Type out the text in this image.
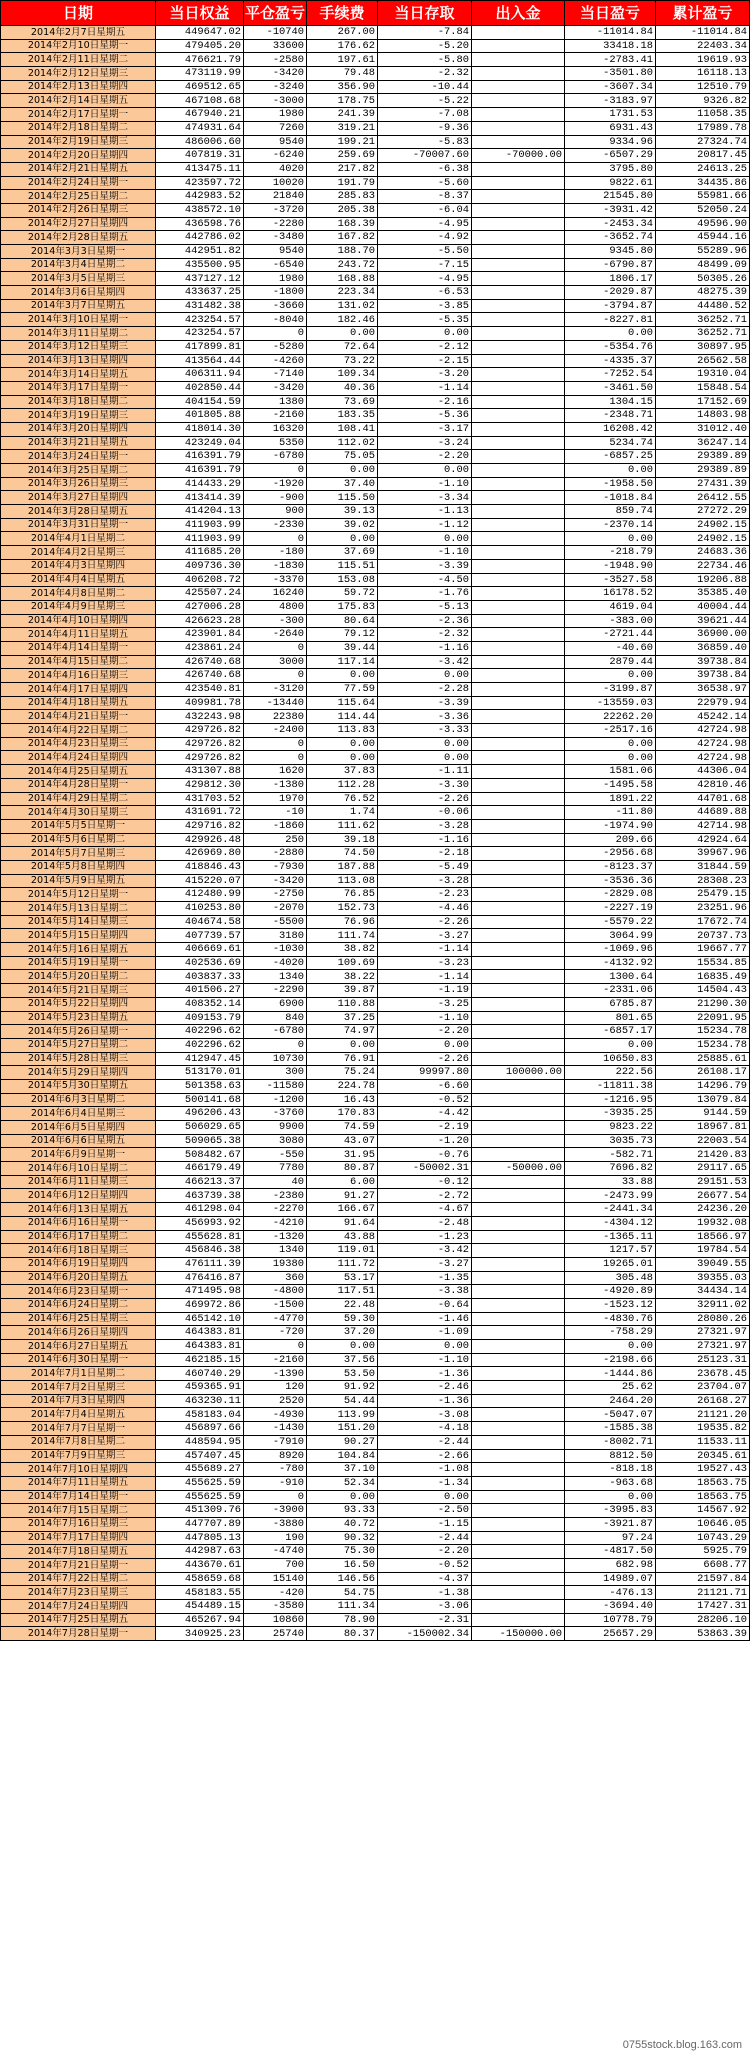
日期	当日权益	平仓盈亏	手续费	当日存取	出入金	当日盈亏	累计盈亏
2014年2月7日星期五	449647.02	-10740	267.00	-7.84		-11014.84	-11014.84
2014年2月10日星期一	479405.20	33600	176.62	-5.20		33418.18	22403.34
2014年2月11日星期二	476621.79	-2580	197.61	-5.80		-2783.41	19619.93
2014年2月12日星期三	473119.99	-3420	79.48	-2.32		-3501.80	16118.13
2014年2月13日星期四	469512.65	-3240	356.90	-10.44		-3607.34	12510.79
2014年2月14日星期五	467108.68	-3000	178.75	-5.22		-3183.97	9326.82
2014年2月17日星期一	467940.21	1980	241.39	-7.08		1731.53	11058.35
2014年2月18日星期二	474931.64	7260	319.21	-9.36		6931.43	17989.78
2014年2月19日星期三	486006.60	9540	199.21	-5.83		9334.96	27324.74
2014年2月20日星期四	407819.31	-6240	259.69	-70007.60	-70000.00	-6507.29	20817.45
2014年2月21日星期五	413475.11	4020	217.82	-6.38		3795.80	24613.25
2014年2月24日星期一	423597.72	10020	191.79	-5.60		9822.61	34435.86
2014年2月25日星期二	442983.52	21840	285.83	-8.37		21545.80	55981.66
2014年2月26日星期三	438572.10	-3720	205.38	-6.04		-3931.42	52050.24
2014年2月27日星期四	436598.76	-2280	168.39	-4.95		-2453.34	49596.90
2014年2月28日星期五	442786.02	-3480	167.82	-4.92		-3652.74	45944.16
2014年3月3日星期一	442951.82	9540	188.70	-5.50		9345.80	55289.96
2014年3月4日星期二	435500.95	-6540	243.72	-7.15		-6790.87	48499.09
2014年3月5日星期三	437127.12	1980	168.88	-4.95		1806.17	50305.26
2014年3月6日星期四	433637.25	-1800	223.34	-6.53		-2029.87	48275.39
2014年3月7日星期五	431482.38	-3660	131.02	-3.85		-3794.87	44480.52
2014年3月10日星期一	423254.57	-8040	182.46	-5.35		-8227.81	36252.71
2014年3月11日星期二	423254.57	0	0.00	0.00		0.00	36252.71
2014年3月12日星期三	417899.81	-5280	72.64	-2.12		-5354.76	30897.95
2014年3月13日星期四	413564.44	-4260	73.22	-2.15		-4335.37	26562.58
2014年3月14日星期五	406311.94	-7140	109.34	-3.20		-7252.54	19310.04
2014年3月17日星期一	402850.44	-3420	40.36	-1.14		-3461.50	15848.54
2014年3月18日星期二	404154.59	1380	73.69	-2.16		1304.15	17152.69
2014年3月19日星期三	401805.88	-2160	183.35	-5.36		-2348.71	14803.98
2014年3月20日星期四	418014.30	16320	108.41	-3.17		16208.42	31012.40
2014年3月21日星期五	423249.04	5350	112.02	-3.24		5234.74	36247.14
2014年3月24日星期一	416391.79	-6780	75.05	-2.20		-6857.25	29389.89
2014年3月25日星期二	416391.79	0	0.00	0.00		0.00	29389.89
2014年3月26日星期三	414433.29	-1920	37.40	-1.10		-1958.50	27431.39
2014年3月27日星期四	413414.39	-900	115.50	-3.34		-1018.84	26412.55
2014年3月28日星期五	414204.13	900	39.13	-1.13		859.74	27272.29
2014年3月31日星期一	411903.99	-2330	39.02	-1.12		-2370.14	24902.15
2014年4月1日星期二	411903.99	0	0.00	0.00		0.00	24902.15
2014年4月2日星期三	411685.20	-180	37.69	-1.10		-218.79	24683.36
2014年4月3日星期四	409736.30	-1830	115.51	-3.39		-1948.90	22734.46
2014年4月4日星期五	406208.72	-3370	153.08	-4.50		-3527.58	19206.88
2014年4月8日星期二	425507.24	16240	59.72	-1.76		16178.52	35385.40
2014年4月9日星期三	427006.28	4800	175.83	-5.13		4619.04	40004.44
2014年4月10日星期四	426623.28	-300	80.64	-2.36		-383.00	39621.44
2014年4月11日星期五	423901.84	-2640	79.12	-2.32		-2721.44	36900.00
2014年4月14日星期一	423861.24	0	39.44	-1.16		-40.60	36859.40
2014年4月15日星期二	426740.68	3000	117.14	-3.42		2879.44	39738.84
2014年4月16日星期三	426740.68	0	0.00	0.00		0.00	39738.84
2014年4月17日星期四	423540.81	-3120	77.59	-2.28		-3199.87	36538.97
2014年4月18日星期五	409981.78	-13440	115.64	-3.39		-13559.03	22979.94
2014年4月21日星期一	432243.98	22380	114.44	-3.36		22262.20	45242.14
2014年4月22日星期二	429726.82	-2400	113.83	-3.33		-2517.16	42724.98
2014年4月23日星期三	429726.82	0	0.00	0.00		0.00	42724.98
2014年4月24日星期四	429726.82	0	0.00	0.00		0.00	42724.98
2014年4月25日星期五	431307.88	1620	37.83	-1.11		1581.06	44306.04
2014年4月28日星期一	429812.30	-1380	112.28	-3.30		-1495.58	42810.46
2014年4月29日星期二	431703.52	1970	76.52	-2.26		1891.22	44701.68
2014年4月30日星期三	431691.72	-10	1.74	-0.06		-11.80	44689.88
2014年5月5日星期一	429716.82	-1860	111.62	-3.28		-1974.90	42714.98
2014年5月6日星期二	429926.48	250	39.18	-1.16		209.66	42924.64
2014年5月7日星期三	426969.80	-2880	74.50	-2.18		-2956.68	39967.96
2014年5月8日星期四	418846.43	-7930	187.88	-5.49		-8123.37	31844.59
2014年5月9日星期五	415220.07	-3420	113.08	-3.28		-3536.36	28308.23
2014年5月12日星期一	412480.99	-2750	76.85	-2.23		-2829.08	25479.15
2014年5月13日星期二	410253.80	-2070	152.73	-4.46		-2227.19	23251.96
2014年5月14日星期三	404674.58	-5500	76.96	-2.26		-5579.22	17672.74
2014年5月15日星期四	407739.57	3180	111.74	-3.27		3064.99	20737.73
2014年5月16日星期五	406669.61	-1030	38.82	-1.14		-1069.96	19667.77
2014年5月19日星期一	402536.69	-4020	109.69	-3.23		-4132.92	15534.85
2014年5月20日星期二	403837.33	1340	38.22	-1.14		1300.64	16835.49
2014年5月21日星期三	401506.27	-2290	39.87	-1.19		-2331.06	14504.43
2014年5月22日星期四	408352.14	6900	110.88	-3.25		6785.87	21290.30
2014年5月23日星期五	409153.79	840	37.25	-1.10		801.65	22091.95
2014年5月26日星期一	402296.62	-6780	74.97	-2.20		-6857.17	15234.78
2014年5月27日星期二	402296.62	0	0.00	0.00		0.00	15234.78
2014年5月28日星期三	412947.45	10730	76.91	-2.26		10650.83	25885.61
2014年5月29日星期四	513170.01	300	75.24	99997.80	100000.00	222.56	26108.17
2014年5月30日星期五	501358.63	-11580	224.78	-6.60		-11811.38	14296.79
2014年6月3日星期二	500141.68	-1200	16.43	-0.52		-1216.95	13079.84
2014年6月4日星期三	496206.43	-3760	170.83	-4.42		-3935.25	9144.59
2014年6月5日星期四	506029.65	9900	74.59	-2.19		9823.22	18967.81
2014年6月6日星期五	509065.38	3080	43.07	-1.20		3035.73	22003.54
2014年6月9日星期一	508482.67	-550	31.95	-0.76		-582.71	21420.83
2014年6月10日星期二	466179.49	7780	80.87	-50002.31	-50000.00	7696.82	29117.65
2014年6月11日星期三	466213.37	40	6.00	-0.12		33.88	29151.53
2014年6月12日星期四	463739.38	-2380	91.27	-2.72		-2473.99	26677.54
2014年6月13日星期五	461298.04	-2270	166.67	-4.67		-2441.34	24236.20
2014年6月16日星期一	456993.92	-4210	91.64	-2.48		-4304.12	19932.08
2014年6月17日星期二	455628.81	-1320	43.88	-1.23		-1365.11	18566.97
2014年6月18日星期三	456846.38	1340	119.01	-3.42		1217.57	19784.54
2014年6月19日星期四	476111.39	19380	111.72	-3.27		19265.01	39049.55
2014年6月20日星期五	476416.87	360	53.17	-1.35		305.48	39355.03
2014年6月23日星期一	471495.98	-4800	117.51	-3.38		-4920.89	34434.14
2014年6月24日星期二	469972.86	-1500	22.48	-0.64		-1523.12	32911.02
2014年6月25日星期三	465142.10	-4770	59.30	-1.46		-4830.76	28080.26
2014年6月26日星期四	464383.81	-720	37.20	-1.09		-758.29	27321.97
2014年6月27日星期五	464383.81	0	0.00	0.00		0.00	27321.97
2014年6月30日星期一	462185.15	-2160	37.56	-1.10		-2198.66	25123.31
2014年7月1日星期二	460740.29	-1390	53.50	-1.36		-1444.86	23678.45
2014年7月2日星期三	459365.91	120	91.92	-2.46		25.62	23704.07
2014年7月3日星期四	463230.11	2520	54.44	-1.36		2464.20	26168.27
2014年7月4日星期五	458183.04	-4930	113.99	-3.08		-5047.07	21121.20
2014年7月7日星期一	456897.66	-1430	151.20	-4.18		-1585.38	19535.82
2014年7月8日星期二	448594.95	-7910	90.27	-2.44		-8002.71	11533.11
2014年7月9日星期三	457407.45	8920	104.84	-2.66		8812.50	20345.61
2014年7月10日星期四	455689.27	-780	37.10	-1.08		-818.18	19527.43
2014年7月11日星期五	455625.59	-910	52.34	-1.34		-963.68	18563.75
2014年7月14日星期一	455625.59	0	0.00	0.00		0.00	18563.75
2014年7月15日星期二	451309.76	-3900	93.33	-2.50		-3995.83	14567.92
2014年7月16日星期三	447707.89	-3880	40.72	-1.15		-3921.87	10646.05
2014年7月17日星期四	447805.13	190	90.32	-2.44		97.24	10743.29
2014年7月18日星期五	442987.63	-4740	75.30	-2.20		-4817.50	5925.79
2014年7月21日星期一	443670.61	700	16.50	-0.52		682.98	6608.77
2014年7月22日星期二	458659.68	15140	146.56	-4.37		14989.07	21597.84
2014年7月23日星期三	458183.55	-420	54.75	-1.38		-476.13	21121.71
2014年7月24日星期四	454489.15	-3580	111.34	-3.06		-3694.40	17427.31
2014年7月25日星期五	465267.94	10860	78.90	-2.31		10778.79	28206.10
2014年7月28日星期一	340925.23	25740	80.37	-150002.34	-150000.00	25657.29	53863.39
0755stock.blog.163.com
